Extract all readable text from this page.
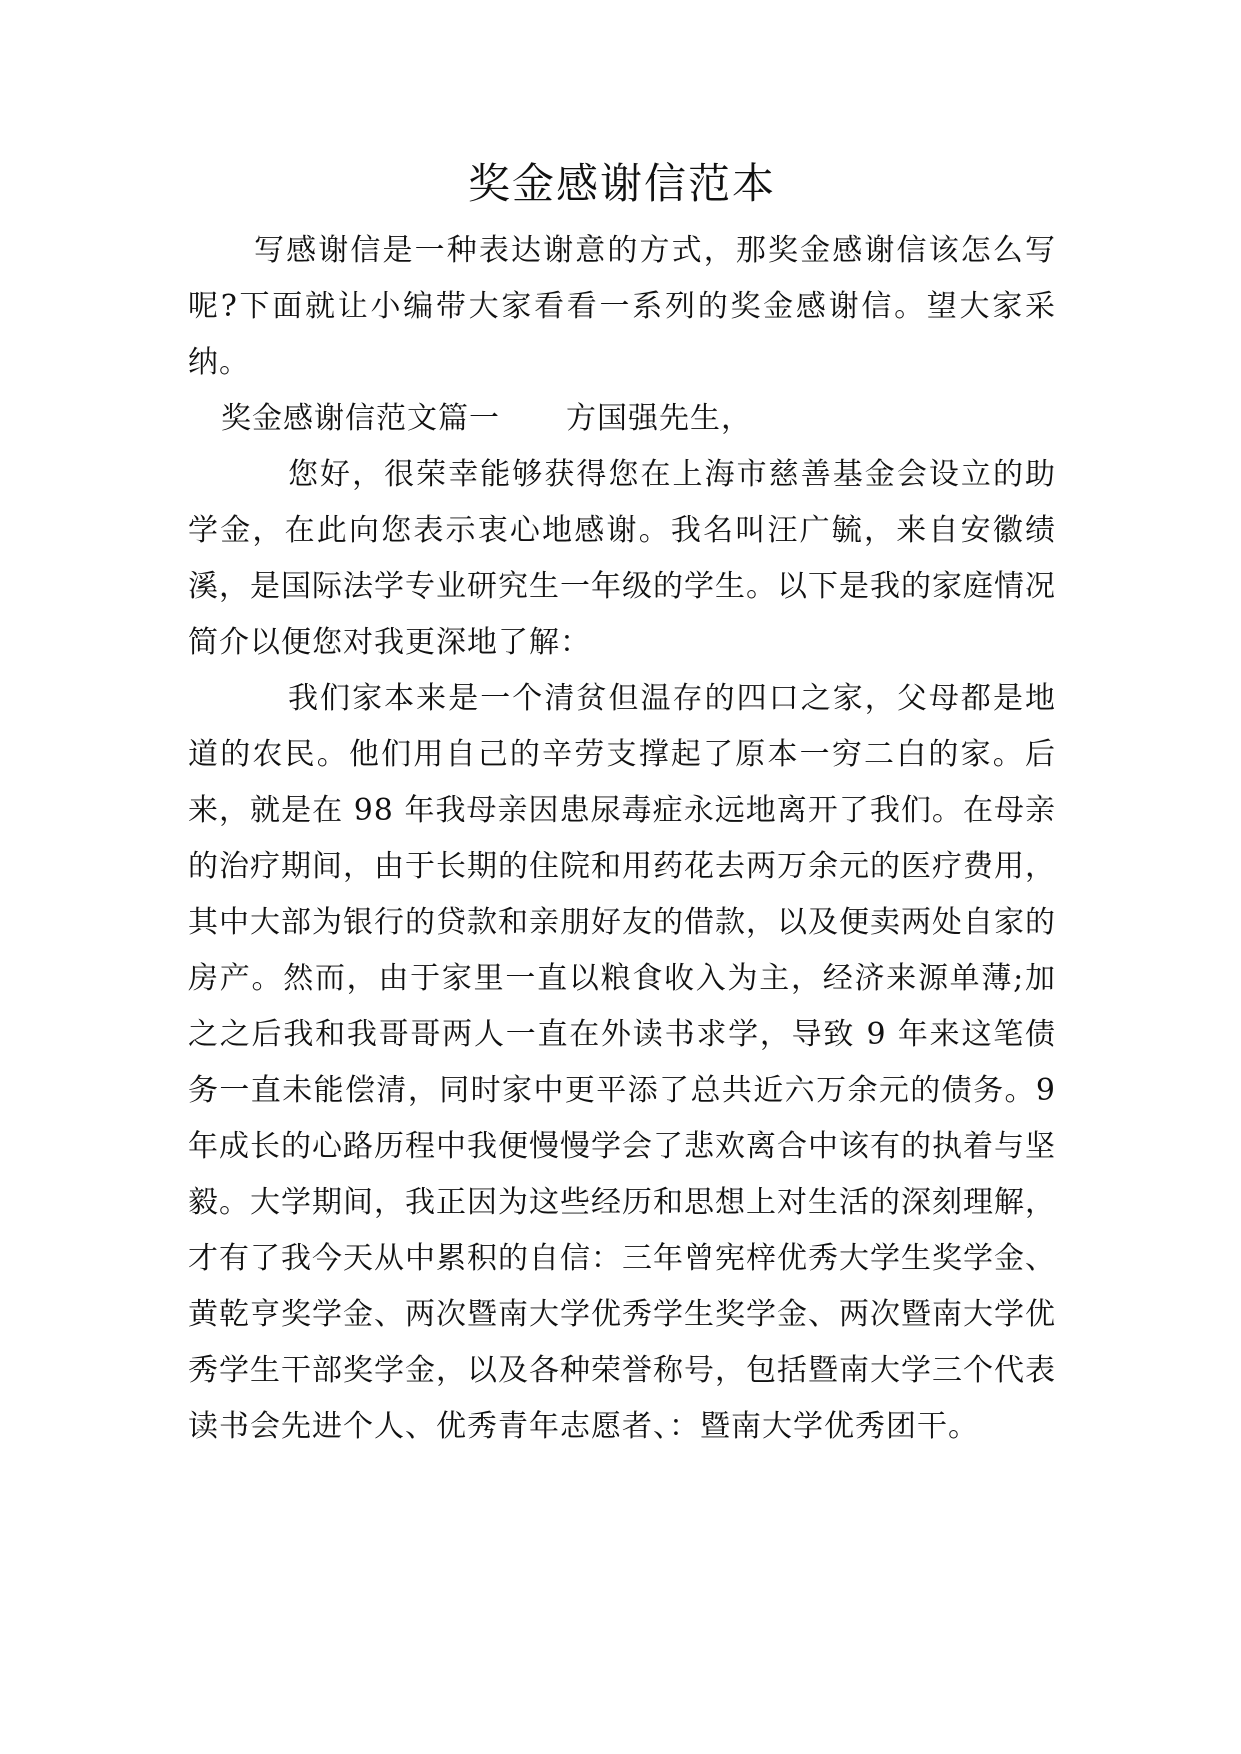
奖金感谢信范本

写感谢信是一种表达谢意的方式，那奖金感谢信该怎么写呢?下面就让小编带大家看看一系列的奖金感谢信。望大家采纳。

奖金感谢信范文篇一 方国强先生，

您好，很荣幸能够获得您在上海市慈善基金会设立的助学金，在此向您表示衷心地感谢。我名叫汪广毓，来自安徽绩溪，是国际法学专业研究生一年级的学生。以下是我的家庭情况简介以便您对我更深地了解：

我们家本来是一个清贫但温存的四口之家，父母都是地道的农民。他们用自己的辛劳支撑起了原本一穷二白的家。后来，就是在 98 年我母亲因患尿毒症永远地离开了我们。在母亲的治疗期间，由于长期的住院和用药花去两万余元的医疗费用，其中大部为银行的贷款和亲朋好友的借款，以及便卖两处自家的房产。然而，由于家里一直以粮食收入为主，经济来源单薄;加之之后我和我哥哥两人一直在外读书求学，导致 9 年来这笔债务一直未能偿清，同时家中更平添了总共近六万余元的债务。9 年成长的心路历程中我便慢慢学会了悲欢离合中该有的执着与坚毅。大学期间，我正因为这些经历和思想上对生活的深刻理解，才有了我今天从中累积的自信：三年曾宪梓优秀大学生奖学金、黄乾亨奖学金、两次暨南大学优秀学生奖学金、两次暨南大学优秀学生干部奖学金，以及各种荣誉称号，包括暨南大学三个代表读书会先进个人、优秀青年志愿者、：暨南大学优秀团干。
